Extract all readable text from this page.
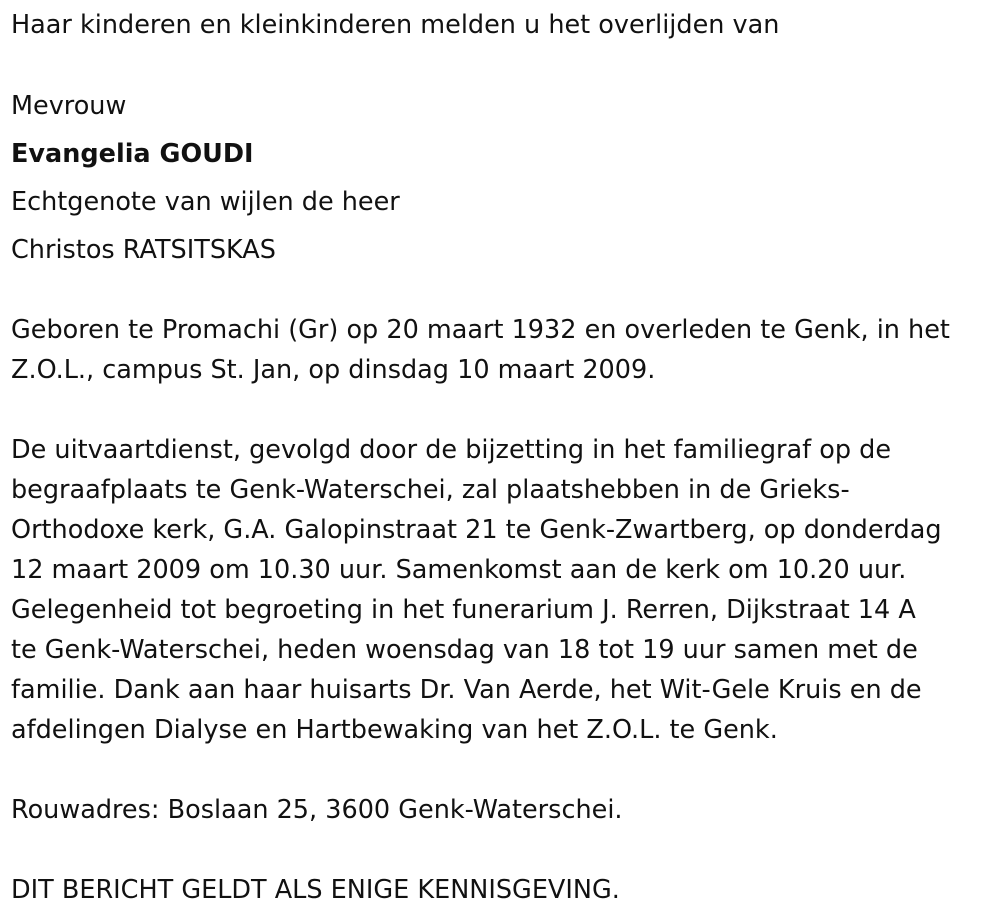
Haar kinderen en kleinkinderen melden u het overlijden van
Mevrouw
Evangelia GOUDI
Echtgenote van wijlen de heer
Christos RATSITSKAS
Geboren te Promachi (Gr) op 20 maart 1932 en overleden te Genk, in het
Z.O.L., campus St. Jan, op dinsdag 10 maart 2009.
De uitvaartdienst, gevolgd door de bijzetting in het familiegraf op de
begraafplaats te Genk-Waterschei, zal plaatshebben in de Grieks-
Orthodoxe kerk, G.A. Galopinstraat 21 te Genk-Zwartberg, op donderdag
12 maart 2009 om 10.30 uur. Samenkomst aan de kerk om 10.20 uur.
Gelegenheid tot begroeting in het funerarium J. Rerren, Dijkstraat 14 A
te Genk-Waterschei, heden woensdag van 18 tot 19 uur samen met de
familie. Dank aan haar huisarts Dr. Van Aerde, het Wit-Gele Kruis en de
afdelingen Dialyse en Hartbewaking van het Z.O.L. te Genk.
Rouwadres: Boslaan 25, 3600 Genk-Waterschei.
DIT BERICHT GELDT ALS ENIGE KENNISGEVING.
